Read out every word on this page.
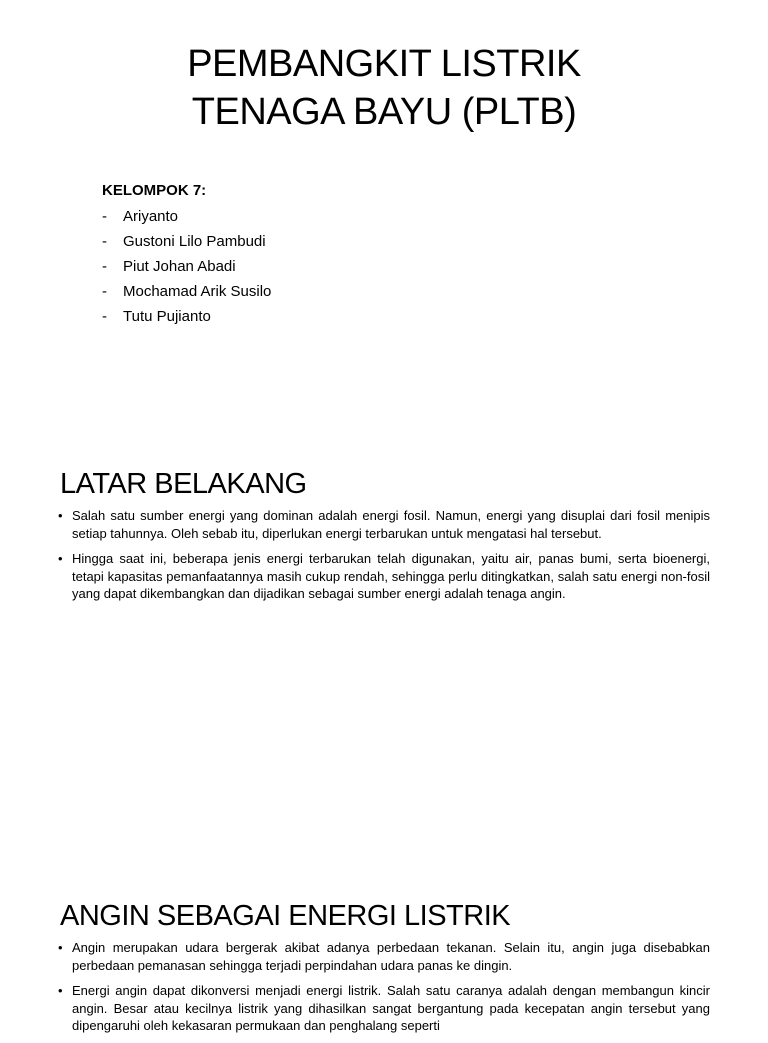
PEMBANGKIT LISTRIK
TENAGA BAYU (PLTB)

KELOMPOK 7:

-	Ariyanto
-	Gustoni Lilo Pambudi
-	Piut Johan Abadi
-	Mochamad Arik Susilo
-	Tutu Pujianto
LATAR BELAKANG
• Salah satu sumber energi yang dominan adalah energi fosil. Namun, energi yang disuplai dari fosil menipis setiap tahunnya. Oleh sebab itu, diperlukan energi terbarukan untuk mengatasi hal tersebut.
• Hingga saat ini, beberapa jenis energi terbarukan telah digunakan, yaitu air, panas bumi, serta bioenergi, tetapi kapasitas pemanfaatannya masih cukup rendah, sehingga perlu ditingkatkan, salah satu energi non-fosil yang dapat dikembangkan dan dijadikan sebagai sumber energi adalah tenaga angin.
ANGIN SEBAGAI ENERGI LISTRIK
• Angin merupakan udara bergerak akibat adanya perbedaan tekanan. Selain itu, angin juga disebabkan perbedaan pemanasan sehingga terjadi perpindahan udara panas ke dingin.
• Energi angin dapat dikonversi menjadi energi listrik. Salah satu caranya adalah dengan membangun kincir angin. Besar atau kecilnya listrik yang dihasilkan sangat bergantung pada kecepatan angin tersebut yang dipengaruhi oleh kekasaran permukaan dan penghalang seperti
